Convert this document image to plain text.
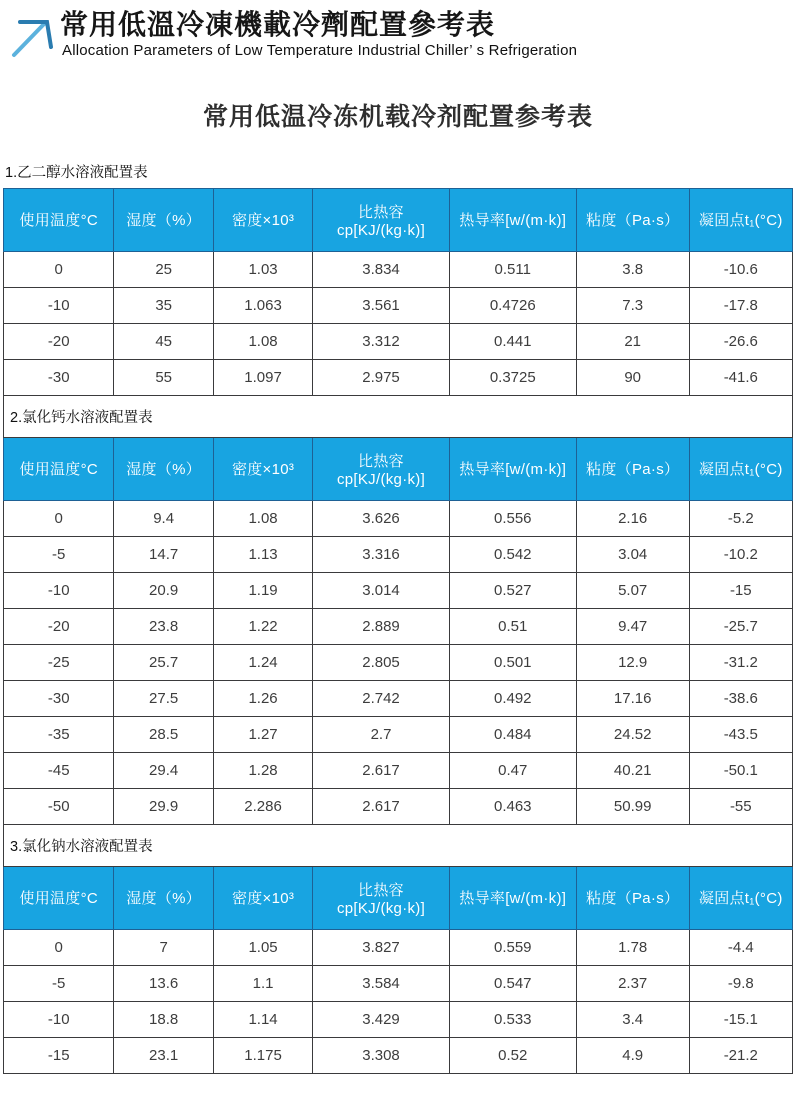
常用低溫冷凍機載冷劑配置參考表

Allocation Parameters of Low Temperature Industrial Chiller’ s Refrigeration

常用低温冷冻机载冷剂配置参考表
1.乙二醇水溶液配置表
使用温度°C	湿度（%）	密度×10³	比热容cp[KJ/(kg·k)]	热导率[w/(m·k)]	粘度（Pa·s）	凝固点t₁(°C)
0	25	1.03	3.834	0.511	3.8	-10.6
-10	35	1.063	3.561	0.4726	7.3	-17.8
-20	45	1.08	3.312	0.441	21	-26.6
-30	55	1.097	2.975	0.3725	90	-41.6
2.氯化钙水溶液配置表						
使用温度°C	湿度（%）	密度×10³	比热容cp[KJ/(kg·k)]	热导率[w/(m·k)]	粘度（Pa·s）	凝固点t₁(°C)
0	9.4	1.08	3.626	0.556	2.16	-5.2
-5	14.7	1.13	3.316	0.542	3.04	-10.2
-10	20.9	1.19	3.014	0.527	5.07	-15
-20	23.8	1.22	2.889	0.51	9.47	-25.7
-25	25.7	1.24	2.805	0.501	12.9	-31.2
-30	27.5	1.26	2.742	0.492	17.16	-38.6
-35	28.5	1.27	2.7	0.484	24.52	-43.5
-45	29.4	1.28	2.617	0.47	40.21	-50.1
-50	29.9	2.286	2.617	0.463	50.99	-55
3.氯化钠水溶液配置表						
使用温度°C	湿度（%）	密度×10³	比热容cp[KJ/(kg·k)]	热导率[w/(m·k)]	粘度（Pa·s）	凝固点t₁(°C)
0	7	1.05	3.827	0.559	1.78	-4.4
-5	13.6	1.1	3.584	0.547	2.37	-9.8
-10	18.8	1.14	3.429	0.533	3.4	-15.1
-15	23.1	1.175	3.308	0.52	4.9	-21.2
